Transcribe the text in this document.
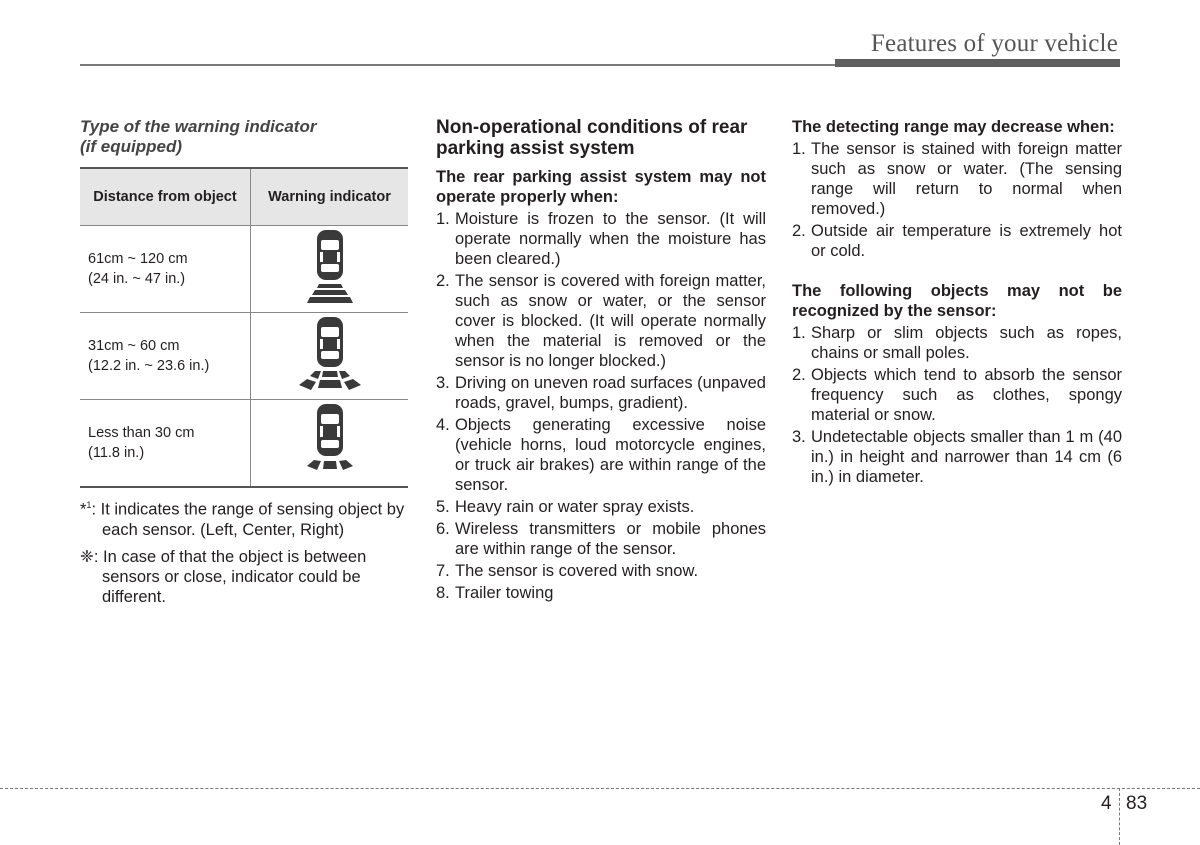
Features of your vehicle
Type of the warning indicator
(if equipped)
Distance from object	Warning indicator

61cm ~ 120 cm
(24 in. ~ 47 in.)

31cm ~ 60 cm
(12.2 in. ~ 23.6 in.)

Less than 30 cm
(11.8 in.)

*$^1$: It indicates the range of sensing object by each sensor. (Left, Center, Right)
❈: In case of that the object is between sensors or close, indicator could be different.
Non-operational conditions of rear parking assist system
The rear parking assist system may not operate properly when:
1. Moisture is frozen to the sensor. (It will operate normally when the moisture has been cleared.)
2. The sensor is covered with foreign matter, such as snow or water, or the sensor cover is blocked. (It will operate normally when the material is removed or the sensor is no longer blocked.)
3. Driving on uneven road surfaces (unpaved roads, gravel, bumps, gradient).
4. Objects generating excessive noise (vehicle horns, loud motorcycle engines, or truck air brakes) are within range of the sensor.
5. Heavy rain or water spray exists.
6. Wireless transmitters or mobile phones are within range of the sensor.
7. The sensor is covered with snow.
8. Trailer towing
The detecting range may decrease when:
1. The sensor is stained with foreign matter such as snow or water. (The sensing range will return to normal when removed.)
2. Outside air temperature is extremely hot or cold.
The following objects may not be recognized by the sensor:
1. Sharp or slim objects such as ropes, chains or small poles.
2. Objects which tend to absorb the sensor frequency such as clothes, spongy material or snow.
3. Undetectable objects smaller than 1 m (40 in.) in height and narrower than 14 cm (6 in.) in diameter.
4 83
